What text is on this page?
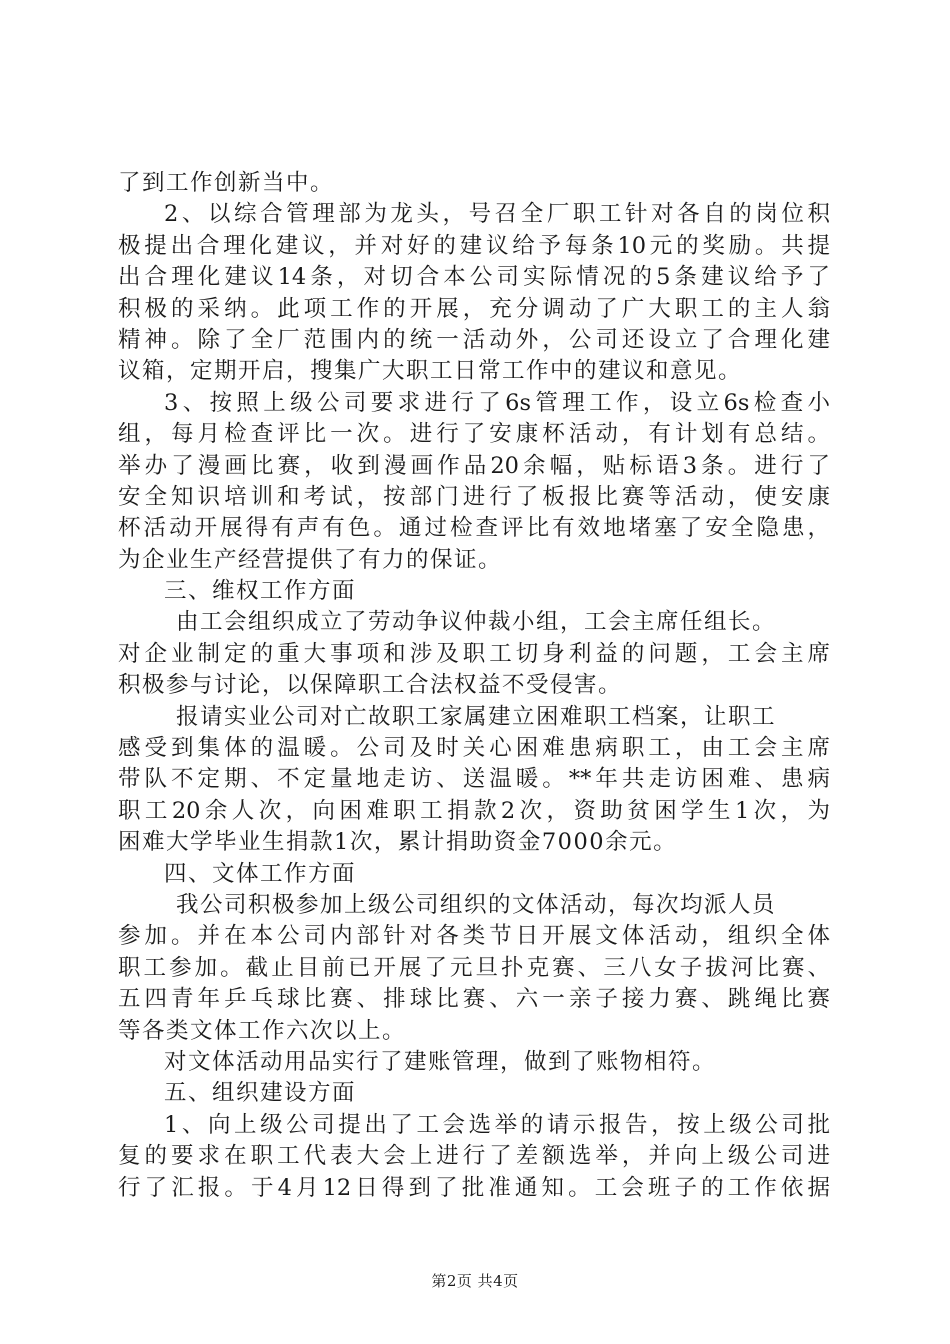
了到工作创新当中。
2、以综合管理部为龙头，号召全厂职工针对各自的岗位积
极提出合理化建议，并对好的建议给予每条10元的奖励。共提
出合理化建议14条，对切合本公司实际情况的5条建议给予了
积极的采纳。此项工作的开展，充分调动了广大职工的主人翁
精神。除了全厂范围内的统一活动外，公司还设立了合理化建
议箱，定期开启，搜集广大职工日常工作中的建议和意见。
3、按照上级公司要求进行了6s管理工作，设立6s检查小
组，每月检查评比一次。进行了安康杯活动，有计划有总结。
举办了漫画比赛，收到漫画作品20余幅，贴标语3条。进行了
安全知识培训和考试，按部门进行了板报比赛等活动，使安康
杯活动开展得有声有色。通过检查评比有效地堵塞了安全隐患，
为企业生产经营提供了有力的保证。
三、维权工作方面
由工会组织成立了劳动争议仲裁小组，工会主席任组长。
对企业制定的重大事项和涉及职工切身利益的问题，工会主席
积极参与讨论，以保障职工合法权益不受侵害。
报请实业公司对亡故职工家属建立困难职工档案，让职工
感受到集体的温暖。公司及时关心困难患病职工，由工会主席
带队不定期、不定量地走访、送温暖。**年共走访困难、患病
职工20余人次，向困难职工捐款2次，资助贫困学生1次，为
困难大学毕业生捐款1次，累计捐助资金7000余元。
四、文体工作方面
我公司积极参加上级公司组织的文体活动，每次均派人员
参加。并在本公司内部针对各类节日开展文体活动，组织全体
职工参加。截止目前已开展了元旦扑克赛、三八女子拔河比赛、
五四青年乒乓球比赛、排球比赛、六一亲子接力赛、跳绳比赛
等各类文体工作六次以上。
对文体活动用品实行了建账管理，做到了账物相符。
五、组织建设方面
1、向上级公司提出了工会选举的请示报告，按上级公司批
复的要求在职工代表大会上进行了差额选举，并向上级公司进
行了汇报。于4月12日得到了批准通知。工会班子的工作依据
第2页 共4页
